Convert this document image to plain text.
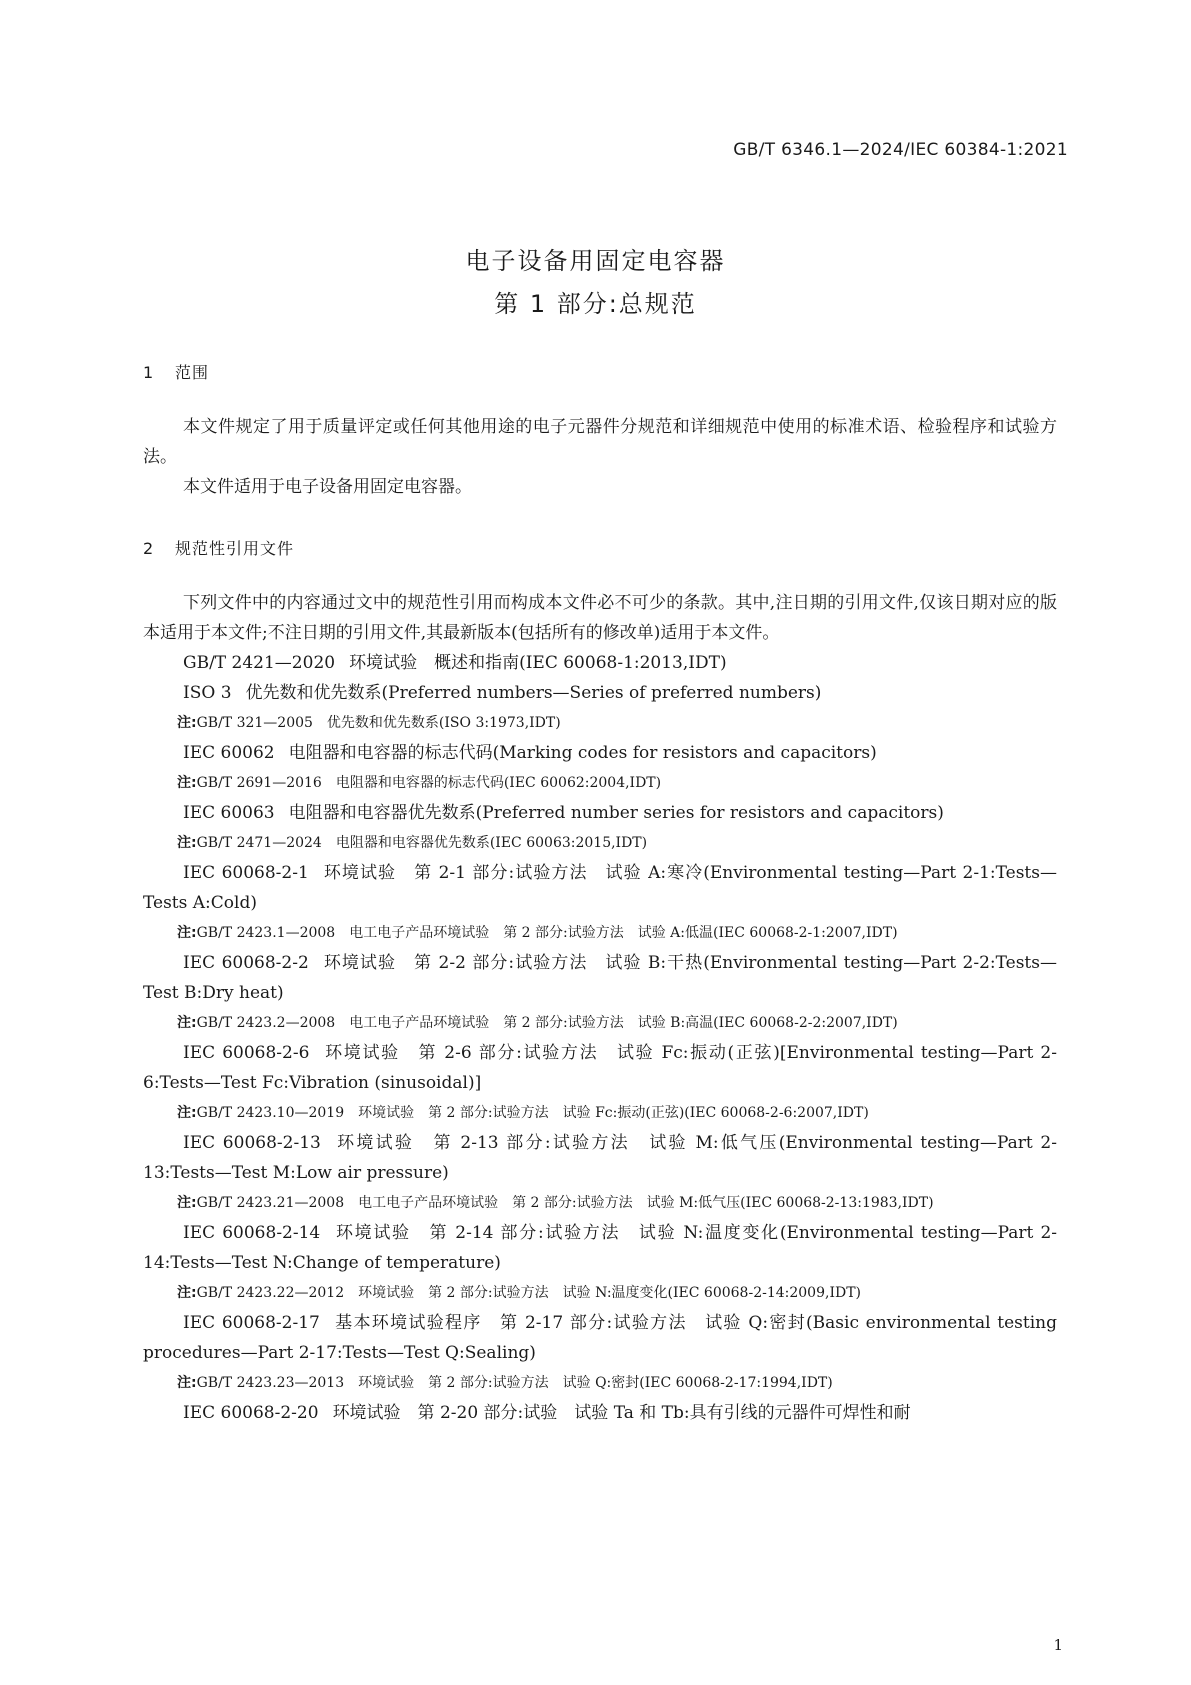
GB/T 6346.1—2024/IEC 60384-1:2021
电子设备用固定电容器
第 1 部分:总规范
1 范围

本文件规定了用于质量评定或任何其他用途的电子元器件分规范和详细规范中使用的标准术语、检验程序和试验方法。

本文件适用于电子设备用固定电容器。

2 规范性引用文件

下列文件中的内容通过文中的规范性引用而构成本文件必不可少的条款。其中,注日期的引用文件,仅该日期对应的版本适用于本文件;不注日期的引用文件,其最新版本(包括所有的修改单)适用于本文件。

GB/T 2421—2020 环境试验　概述和指南(IEC 60068-1:2013,IDT)

ISO 3 优先数和优先数系(Preferred numbers—Series of preferred numbers)

注:GB/T 321—2005　优先数和优先数系(ISO 3:1973,IDT)

IEC 60062 电阻器和电容器的标志代码(Marking codes for resistors and capacitors)

注:GB/T 2691—2016　电阻器和电容器的标志代码(IEC 60062:2004,IDT)

IEC 60063 电阻器和电容器优先数系(Preferred number series for resistors and capacitors)

注:GB/T 2471—2024　电阻器和电容器优先数系(IEC 60063:2015,IDT)

IEC 60068-2-1 环境试验　第 2-1 部分:试验方法　试验 A:寒冷(Environmental testing—Part 2-1:Tests—Tests A:Cold)

注:GB/T 2423.1—2008　电工电子产品环境试验　第 2 部分:试验方法　试验 A:低温(IEC 60068-2-1:2007,IDT)

IEC 60068-2-2 环境试验　第 2-2 部分:试验方法　试验 B:干热(Environmental testing—Part 2-2:Tests—Test B:Dry heat)

注:GB/T 2423.2—2008　电工电子产品环境试验　第 2 部分:试验方法　试验 B:高温(IEC 60068-2-2:2007,IDT)

IEC 60068-2-6 环境试验　第 2-6 部分:试验方法　试验 Fc:振动(正弦)[Environmental testing—Part 2-6:Tests—Test Fc:Vibration (sinusoidal)]

注:GB/T 2423.10—2019　环境试验　第 2 部分:试验方法　试验 Fc:振动(正弦)(IEC 60068-2-6:2007,IDT)

IEC 60068-2-13 环境试验　第 2-13 部分:试验方法　试验 M:低气压(Environmental testing—Part 2-13:Tests—Test M:Low air pressure)

注:GB/T 2423.21—2008　电工电子产品环境试验　第 2 部分:试验方法　试验 M:低气压(IEC 60068-2-13:1983,IDT)

IEC 60068-2-14 环境试验　第 2-14 部分:试验方法　试验 N:温度变化(Environmental testing—Part 2-14:Tests—Test N:Change of temperature)

注:GB/T 2423.22—2012　环境试验　第 2 部分:试验方法　试验 N:温度变化(IEC 60068-2-14:2009,IDT)

IEC 60068-2-17 基本环境试验程序　第 2-17 部分:试验方法　试验 Q:密封(Basic environmental testing procedures—Part 2-17:Tests—Test Q:Sealing)

注:GB/T 2423.23—2013　环境试验　第 2 部分:试验方法　试验 Q:密封(IEC 60068-2-17:1994,IDT)

IEC 60068-2-20 环境试验　第 2-20 部分:试验　试验 Ta 和 Tb:具有引线的元器件可焊性和耐

1
